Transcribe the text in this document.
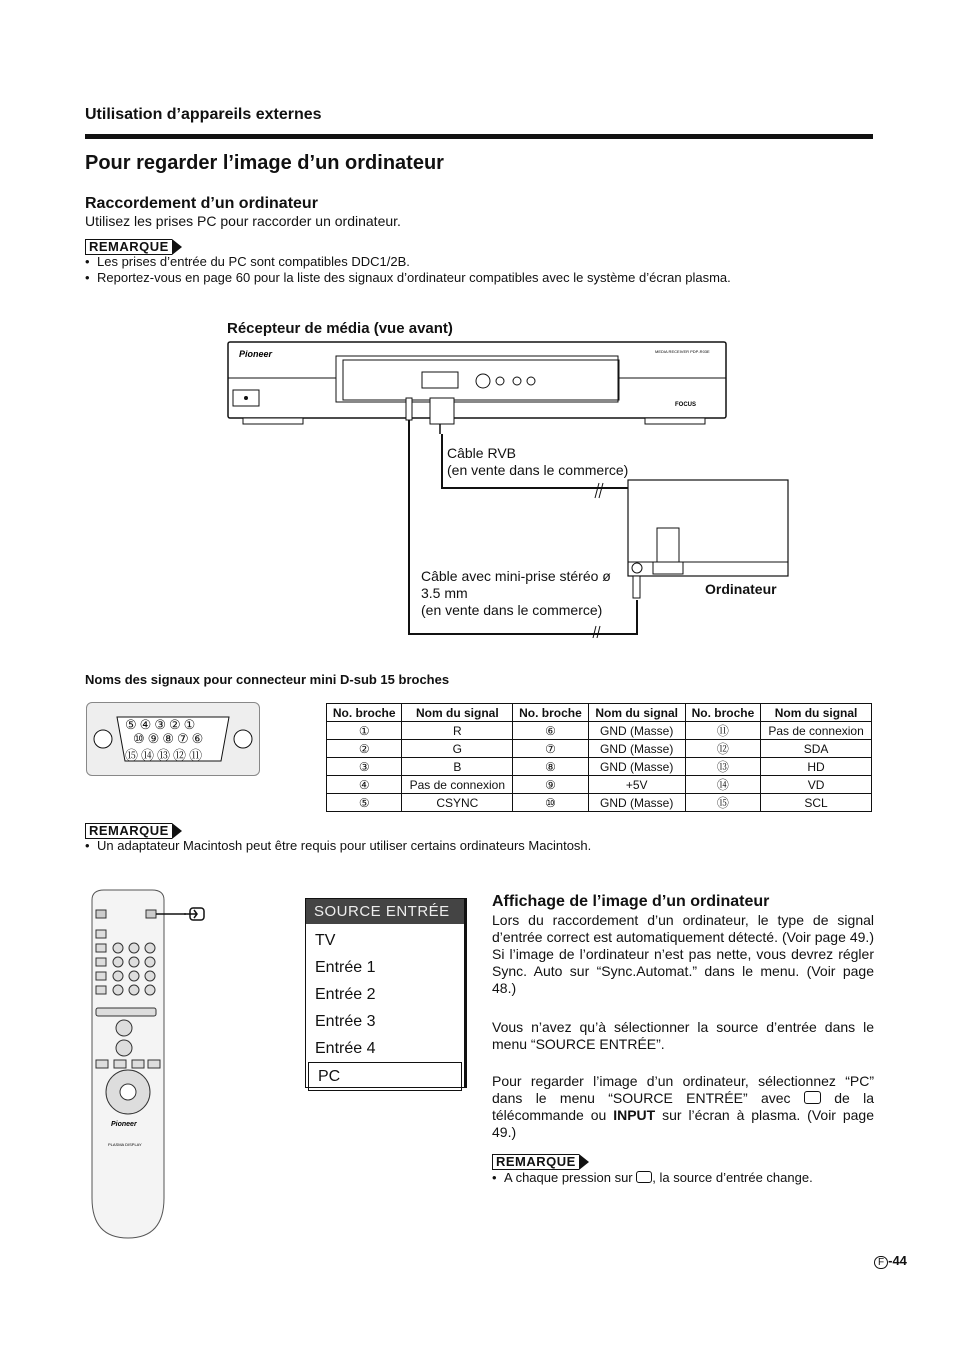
Utilisation d’appareils externes
Pour regarder l’image d’un ordinateur
Raccordement d’un ordinateur
Utilisez les prises PC pour raccorder un ordinateur.
REMARQUE
• Les prises d’entrée du PC sont compatibles DDC1/2B.
• Reportez-vous en page 60 pour la liste des signaux d’ordinateur compatibles avec le système d’écran plasma.
Récepteur de média (vue avant)
Pioneer	MEDIA RECEIVER PDP-R03E
FOCUS
Câble RVB
(en vente dans le commerce)
Câble avec mini-prise stéréo ø
3.5 mm
(en vente dans le commerce)
Ordinateur
Noms des signaux pour connecteur mini D-sub 15 broches
⑤④③②①
⑩⑨⑧⑦⑥
⑮⑭⑬⑫⑪
No. broche	Nom du signal	No. broche	Nom du signal	No. broche	Nom du signal
①	R	⑥	GND (Masse)	⑪	Pas de connexion
②	G	⑦	GND (Masse)	⑫	SDA
③	B	⑧	GND (Masse)	⑬	HD
④	Pas de connexion	⑨	+5V	⑭	VD
⑤	CSYNC	⑩	GND (Masse)	⑮	SCL
REMARQUE
• Un adaptateur Macintosh peut être requis pour utiliser certains ordinateurs Macintosh.
Pioneer
PLASMA DISPLAY
SOURCE ENTRÉE
TV
Entrée 1
Entrée 2
Entrée 3
Entrée 4
PC
Affichage de l’image d’un ordinateur
Lors du raccordement d’un ordinateur, le type de signal d’entrée correct est automatiquement détecté. (Voir page 49.) Si l’image de l’ordinateur n’est pas nette, vous devrez régler Sync. Auto sur “Sync.Automat.” dans le menu. (Voir page 48.)
Vous n’avez qu’à sélectionner la source d’entrée dans le menu “SOURCE ENTRÉE”.
Pour regarder l’image d’un ordinateur, sélectionnez “PC” dans le menu “SOURCE ENTRÉE” avec  de la télécommande ou INPUT sur l’écran à plasma. (Voir page 49.)
REMARQUE
• A chaque pression sur , la source d’entrée change.
F -44
